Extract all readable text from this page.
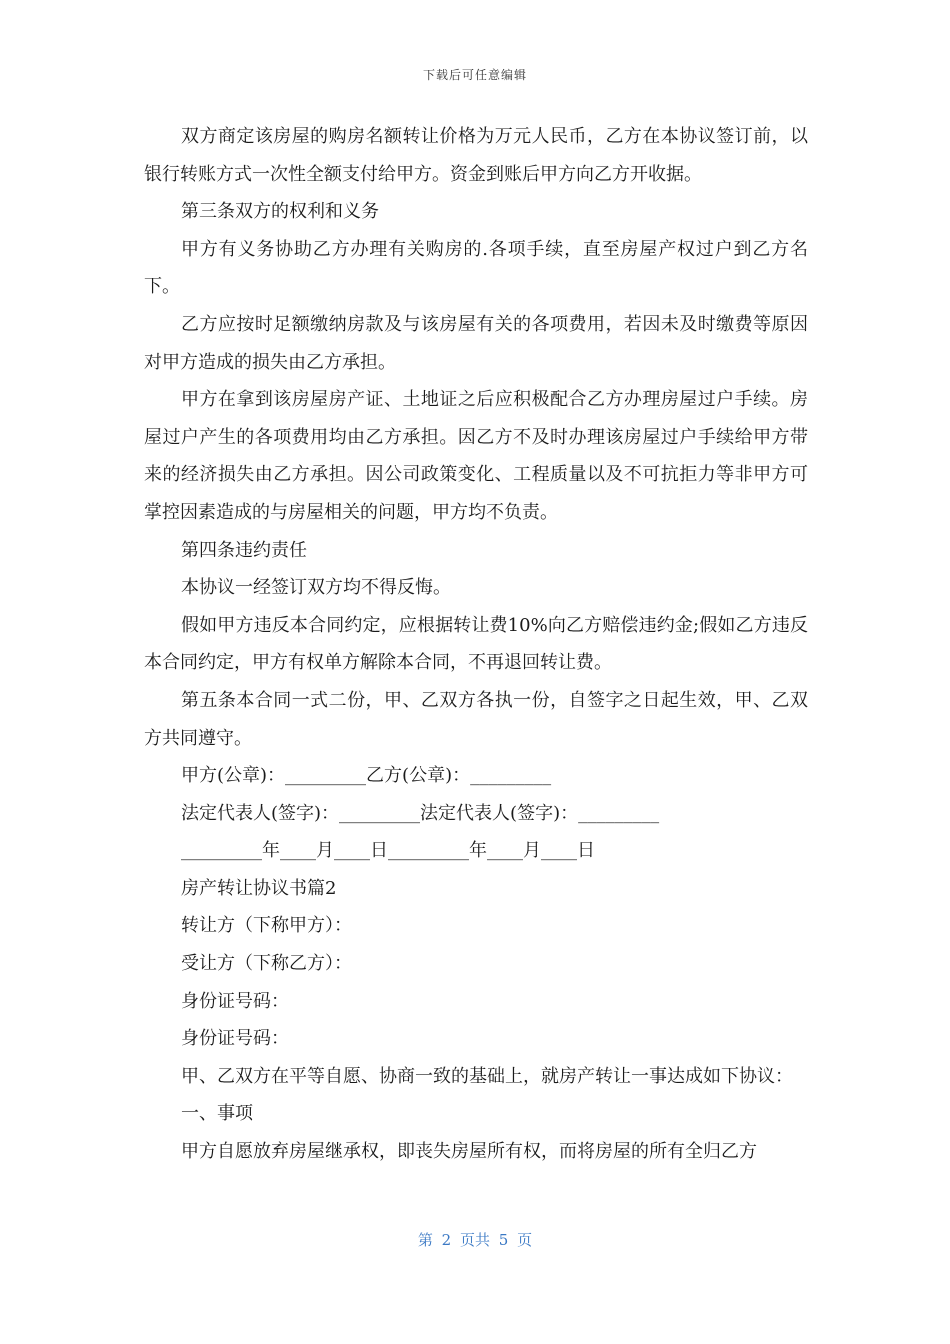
下载后可任意编辑

双方商定该房屋的购房名额转让价格为万元人民币，乙方在本协议签订前，以银行转账方式一次性全额支付给甲方。资金到账后甲方向乙方开收据。

第三条双方的权利和义务

甲方有义务协助乙方办理有关购房的.各项手续，直至房屋产权过户到乙方名下。

乙方应按时足额缴纳房款及与该房屋有关的各项费用，若因未及时缴费等原因对甲方造成的损失由乙方承担。

甲方在拿到该房屋房产证、土地证之后应积极配合乙方办理房屋过户手续。房屋过户产生的各项费用均由乙方承担。因乙方不及时办理该房屋过户手续给甲方带来的经济损失由乙方承担。因公司政策变化、工程质量以及不可抗拒力等非甲方可掌控因素造成的与房屋相关的问题，甲方均不负责。

第四条违约责任

本协议一经签订双方均不得反悔。

假如甲方违反本合同约定，应根据转让费10%向乙方赔偿违约金;假如乙方违反本合同约定，甲方有权单方解除本合同，不再退回转让费。

第五条本合同一式二份，甲、乙双方各执一份，自签字之日起生效，甲、乙双方共同遵守。

甲方(公章)：_________乙方(公章)：_________

法定代表人(签字)：_________法定代表人(签字)：_________

_________年____月____日_________年____月____日

房产转让协议书篇2

转让方（下称甲方）：

受让方（下称乙方）：

身份证号码：

身份证号码：

甲、乙双方在平等自愿、协商一致的基础上，就房产转让一事达成如下协议：

一、事项

甲方自愿放弃房屋继承权，即丧失房屋所有权，而将房屋的所有全归乙方

第 2 页共 5 页
